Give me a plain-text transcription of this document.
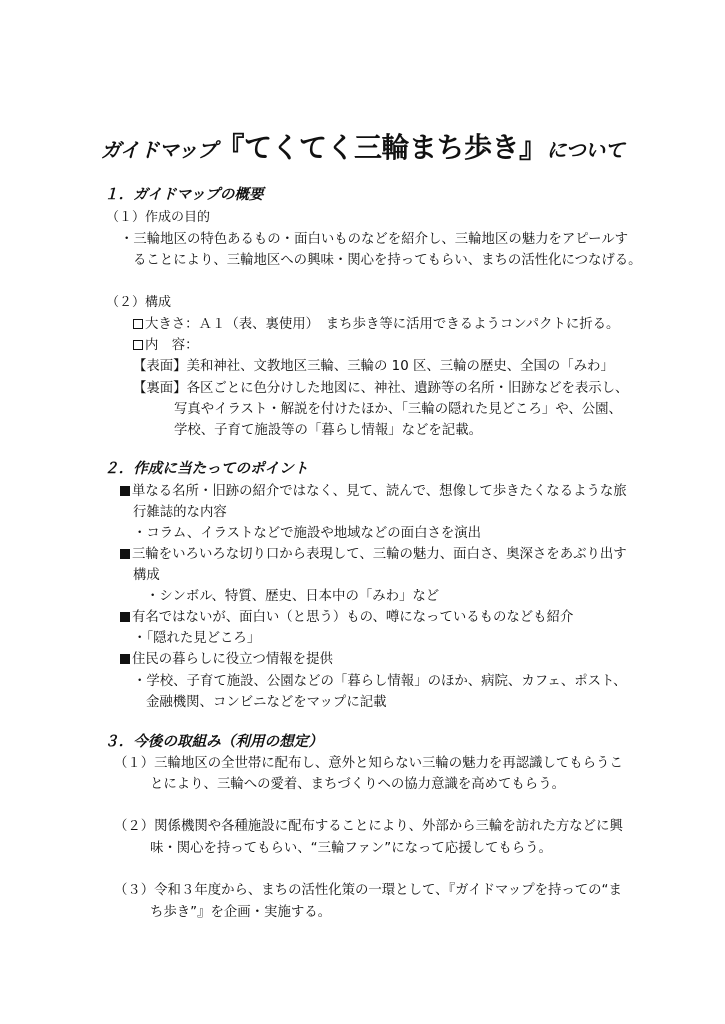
ガイドマップ『てくてく三輪まち歩き』について
１．ガイドマップの概要
（１）作成の目的
・三輪地区の特色あるもの・面白いものなどを紹介し、三輪地区の魅力をアピールす
ることにより、三輪地区への興味・関心を持ってもらい、まちの活性化につなげる。
（２）構成
大きさ：Ａ１（表、裏使用）　まち歩き等に活用できるようコンパクトに折る。
内　容：
【表面】美和神社、文教地区三輪、三輪の 10 区、三輪の歴史、全国の「みわ」
【裏面】各区ごとに色分けした地図に、神社、遺跡等の名所・旧跡などを表示し、
写真やイラスト・解説を付けたほか、「三輪の隠れた見どころ」や、公園、
学校、子育て施設等の「暮らし情報」などを記載。
２．作成に当たってのポイント
単なる名所・旧跡の紹介ではなく、見て、読んで、想像して歩きたくなるような旅
行雑誌的な内容
・コラム、イラストなどで施設や地域などの面白さを演出
三輪をいろいろな切り口から表現して、三輪の魅力、面白さ、奥深さをあぶり出す
構成
・シンボル、特質、歴史、日本中の「みわ」など
有名ではないが、面白い（と思う）もの、噂になっているものなども紹介
・「隠れた見どころ」
住民の暮らしに役立つ情報を提供
・学校、子育て施設、公園などの「暮らし情報」のほか、病院、カフェ、ポスト、
金融機関、コンビニなどをマップに記載
３．今後の取組み（利用の想定）
（１）三輪地区の全世帯に配布し、意外と知らない三輪の魅力を再認識してもらうこ
とにより、三輪への愛着、まちづくりへの協力意識を高めてもらう。
（２）関係機関や各種施設に配布することにより、外部から三輪を訪れた方などに興
味・関心を持ってもらい、“三輪ファン”になって応援してもらう。
（３）令和３年度から、まちの活性化策の一環として、『ガイドマップを持っての“ま
ち歩き”』を企画・実施する。
